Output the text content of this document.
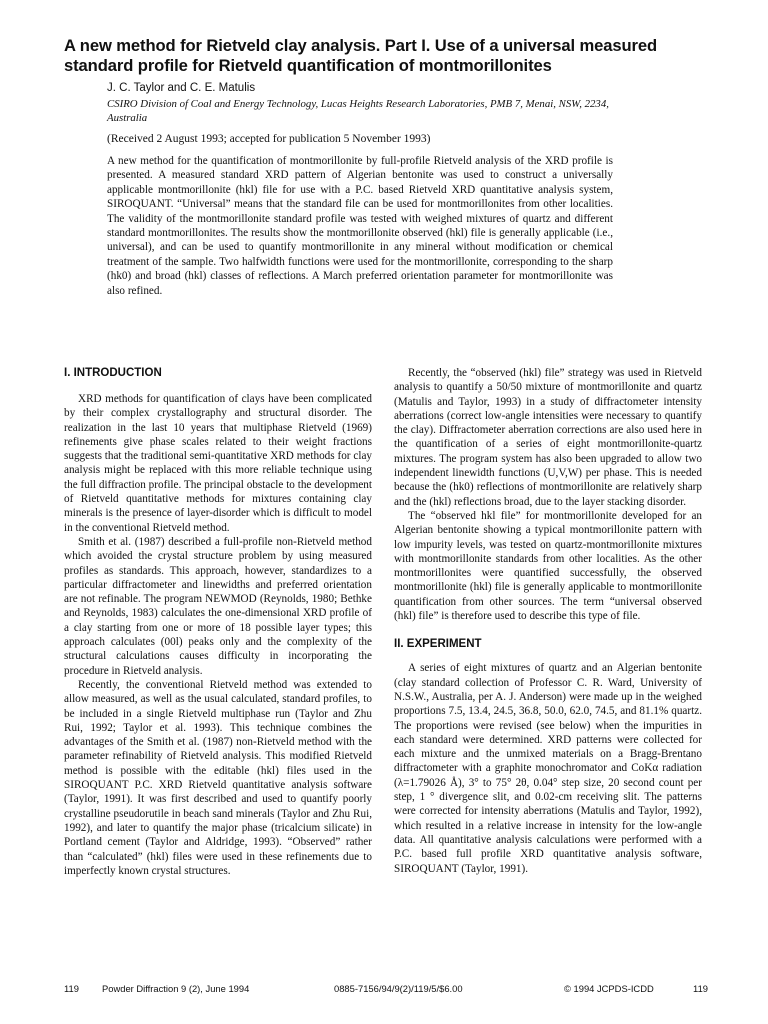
A new method for Rietveld clay analysis. Part I. Use of a universal measured standard profile for Rietveld quantification of montmorillonites
J. C. Taylor and C. E. Matulis
CSIRO Division of Coal and Energy Technology, Lucas Heights Research Laboratories, PMB 7, Menai, NSW, 2234, Australia
(Received 2 August 1993; accepted for publication 5 November 1993)

A new method for the quantification of montmorillonite by full-profile Rietveld analysis of the XRD profile is presented. A measured standard XRD pattern of Algerian bentonite was used to construct a universally applicable montmorillonite (hkl) file for use with a P.C. based Rietveld XRD quantitative analysis system, SIROQUANT. “Universal” means that the standard file can be used for montmorillonites from other localities. The validity of the montmorillonite standard profile was tested with weighed mixtures of quartz and different standard montmorillonites. The results show the montmorillonite observed (hkl) file is generally applicable (i.e., universal), and can be used to quantify montmorillonite in any mineral without modification or chemical treatment of the sample. Two halfwidth functions were used for the montmorillonite, corresponding to the sharp (hk0) and broad (hkl) classes of reflections. A March preferred orientation parameter for montmorillonite was also refined.

I. INTRODUCTION

XRD methods for quantification of clays have been complicated by their complex crystallography and structural disorder. The realization in the last 10 years that multiphase Rietveld (1969) refinements give phase scales related to their weight fractions suggests that the traditional semi-quantitative XRD methods for clay analysis might be replaced with this more reliable technique using the full diffraction profile. The principal obstacle to the development of Rietveld quantitative methods for mixtures containing clay minerals is the presence of layer-disorder which is difficult to model in the conventional Rietveld method.

Smith et al. (1987) described a full-profile non-Rietveld method which avoided the crystal structure problem by using measured profiles as standards. This approach, however, standardizes to a particular diffractometer and linewidths and preferred orientation are not refinable. The program NEWMOD (Reynolds, 1980; Bethke and Reynolds, 1983) calculates the one-dimensional XRD profile of a clay starting from one or more of 18 possible layer types; this approach calculates (00l) peaks only and the complexity of the structural calculations causes difficulty in incorporating the procedure in Rietveld analysis.

Recently, the conventional Rietveld method was extended to allow measured, as well as the usual calculated, standard profiles, to be included in a single Rietveld multiphase run (Taylor and Zhu Rui, 1992; Taylor et al. 1993). This technique combines the advantages of the Smith et al. (1987) non-Rietveld method with the parameter refinability of Rietveld analysis. This modified Rietveld method is possible with the editable (hkl) files used in the SIROQUANT P.C. XRD Rietveld quantitative analysis software (Taylor, 1991). It was first described and used to quantify poorly crystalline pseudorutile in beach sand minerals (Taylor and Zhu Rui, 1992), and later to quantify the major phase (tricalcium silicate) in Portland cement (Taylor and Aldridge, 1993). “Observed” rather than “calculated” (hkl) files were used in these refinements due to imperfectly known crystal structures.

Recently, the “observed (hkl) file” strategy was used in Rietveld analysis to quantify a 50/50 mixture of montmorillonite and quartz (Matulis and Taylor, 1993) in a study of diffractometer intensity aberrations (correct low-angle intensities were necessary to quantify the clay). Diffractometer aberration corrections are also used here in the quantification of a series of eight montmorillonite-quartz mixtures. The program system has also been upgraded to allow two independent linewidth functions (U,V,W) per phase. This is needed because the (hk0) reflections of montmorillonite are relatively sharp and the (hkl) reflections broad, due to the layer stacking disorder.

The “observed hkl file” for montmorillonite developed for an Algerian bentonite showing a typical montmorillonite pattern with low impurity levels, was tested on quartz-montmorillonite mixtures with montmorillonite standards from other localities. As the other montmorillonites were quantified successfully, the observed montmorillonite (hkl) file is generally applicable to montmorillonite quantification from other sources. The term “universal observed (hkl) file” is therefore used to describe this type of file.

II. EXPERIMENT

A series of eight mixtures of quartz and an Algerian bentonite (clay standard collection of Professor C. R. Ward, University of N.S.W., Australia, per A. J. Anderson) were made up in the weighed proportions 7.5, 13.4, 24.5, 36.8, 50.0, 62.0, 74.5, and 81.1% quartz. The proportions were revised (see below) when the impurities in each standard were determined. XRD patterns were collected for each mixture and the unmixed materials on a Bragg-Brentano diffractometer with a graphite monochromator and CoKα radiation (λ=1.79026 Å), 3° to 75° 2θ, 0.04° step size, 20 second count per step, 1 ° divergence slit, and 0.02-cm receiving slit. The patterns were corrected for intensity aberrations (Matulis and Taylor, 1992), which resulted in a relative increase in intensity for the low-angle data. All quantitative analysis calculations were performed with a P.C. based full profile XRD quantitative analysis software, SIROQUANT (Taylor, 1991).

119 Powder Diffraction 9 (2), June 1994	0885-7156/94/9(2)/119/5/$6.00	© 1994 JCPDS-ICDD	119
